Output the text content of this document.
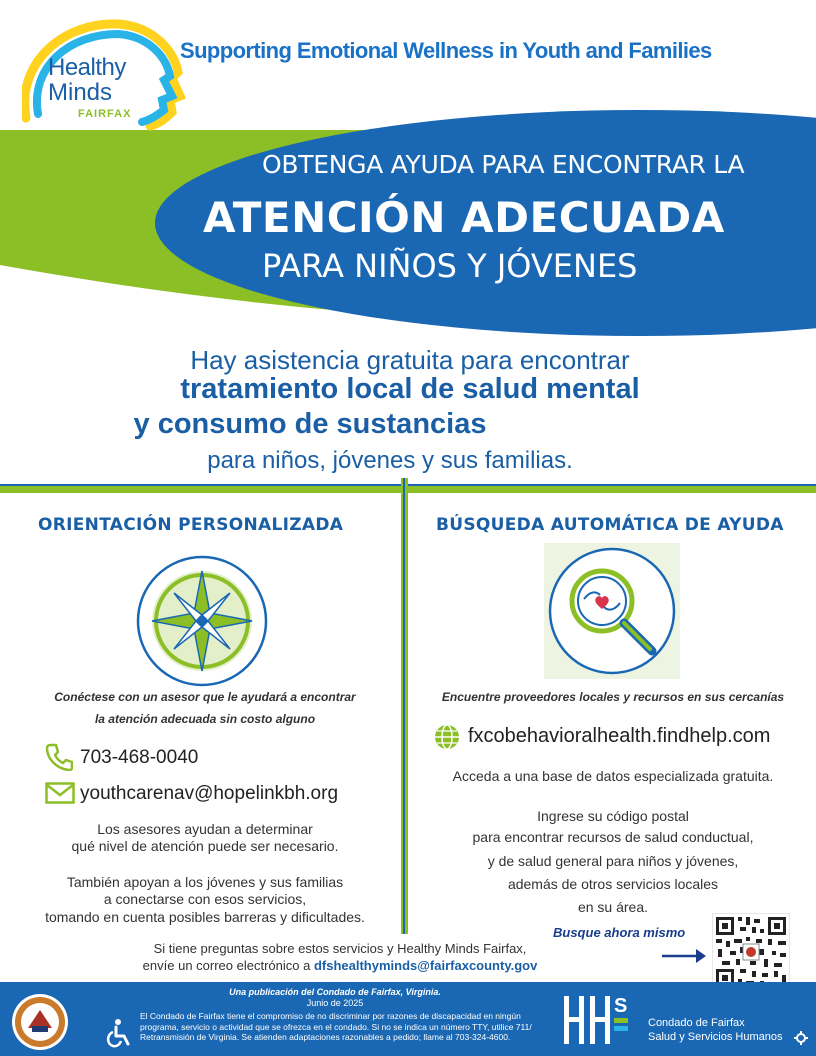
Healthy
Minds
FAIRFAX
Supporting Emotional Wellness in Youth and Families
OBTENGA AYUDA PARA ENCONTRAR LA
ATENCIÓN ADECUADA
PARA NIÑOS Y JÓVENES
Hay asistencia gratuita para encontrar
tratamiento local de salud mental
y consumo de sustancias
para niños, jóvenes y sus familias.
ORIENTACIÓN PERSONALIZADA
Conéctese con un asesor que le ayudará a encontrar
la atención adecuada sin costo alguno
703-468-0040
youthcarenav@hopelinkbh.org
Los asesores ayudan a determinar
qué nivel de atención puede ser necesario.
También apoyan a los jóvenes y sus familias
a conectarse con esos servicios,
tomando en cuenta posibles barreras y dificultades.
BÚSQUEDA AUTOMÁTICA DE AYUDA
Encuentre proveedores locales y recursos en sus cercanías
fxcobehavioralhealth.findhelp.com
Acceda a una base de datos especializada gratuita.
Ingrese su código postal
para encontrar recursos de salud conductual,
y de salud general para niños y jóvenes,
además de otros servicios locales
en su área.
Busque ahora mismo
Si tiene preguntas sobre estos servicios y Healthy Minds Fairfax,
envíe un correo electrónico a dfshealthyminds@fairfaxcounty.gov
Una publicación del Condado de Fairfax, Virginia.
Junio de 2025
El Condado de Fairfax tiene el compromiso de no discriminar por razones de discapacidad en ningún
programa, servicio o actividad que se ofrezca en el condado. Si no se indica un número TTY, utilice 711/
Retransmisión de Virginia. Se atienden adaptaciones razonables a pedido; llame al 703-324-4600.
S
Condado de Fairfax
Salud y Servicios Humanos
